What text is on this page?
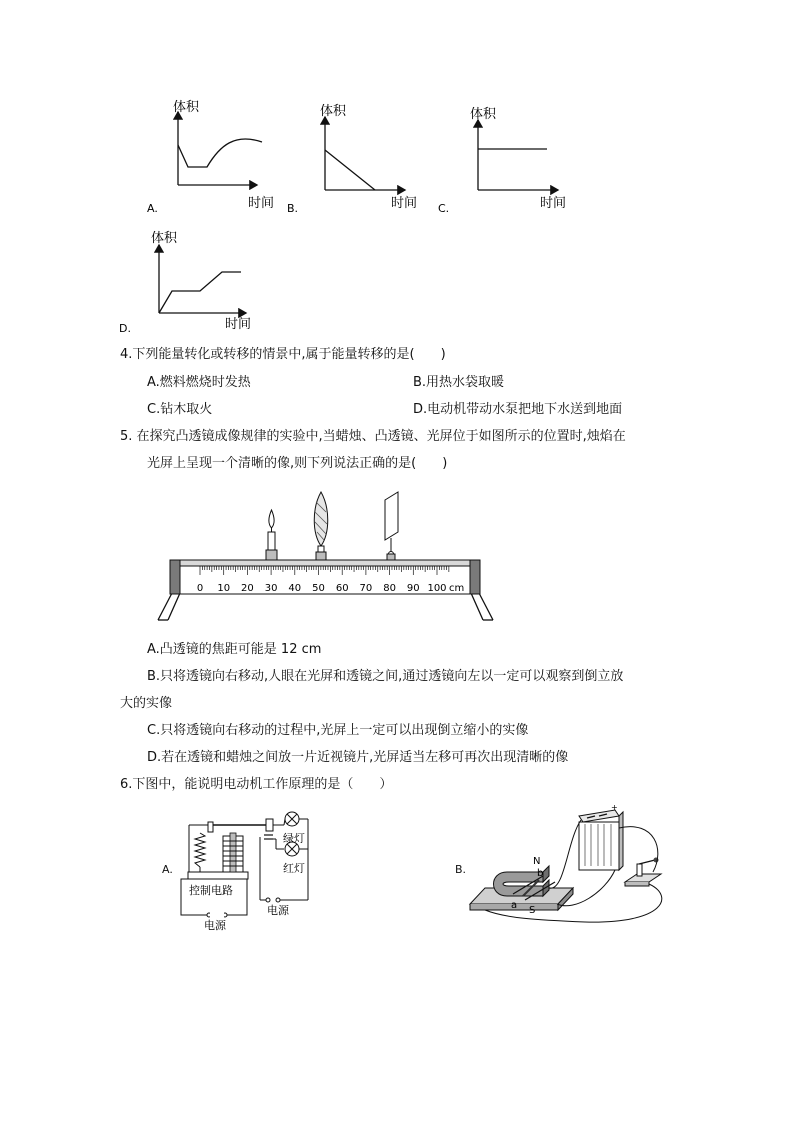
体积
时间
A.
体积
时间
B.
体积
时间
C.
体积
时间
D.
4.下列能量转化或转移的情景中,属于能量转移的是(　　)
A.燃料燃烧时发热	B.用热水袋取暖
C.钻木取火	D.电动机带动水泵把地下水送到地面
5. 在探究凸透镜成像规律的实验中,当蜡烛、凸透镜、光屏位于如图所示的位置时,烛焰在
光屏上呈现一个清晰的像,则下列说法正确的是(　　)
0 10 20 30 40 50 60 70 80 90 100 cm
A.凸透镜的焦距可能是 12 cm
B.只将透镜向右移动,人眼在光屏和透镜之间,通过透镜向左以一定可以观察到倒立放
大的实像
C.只将透镜向右移动的过程中,光屏上一定可以出现倒立缩小的实像
D.若在透镜和蜡烛之间放一片近视镜片,光屏适当左移可再次出现清晰的像
6.下图中，能说明电动机工作原理的是（　　）
A.
绿灯
红灯
控制电路
电源
电源
B.
N
S
a
b
+
